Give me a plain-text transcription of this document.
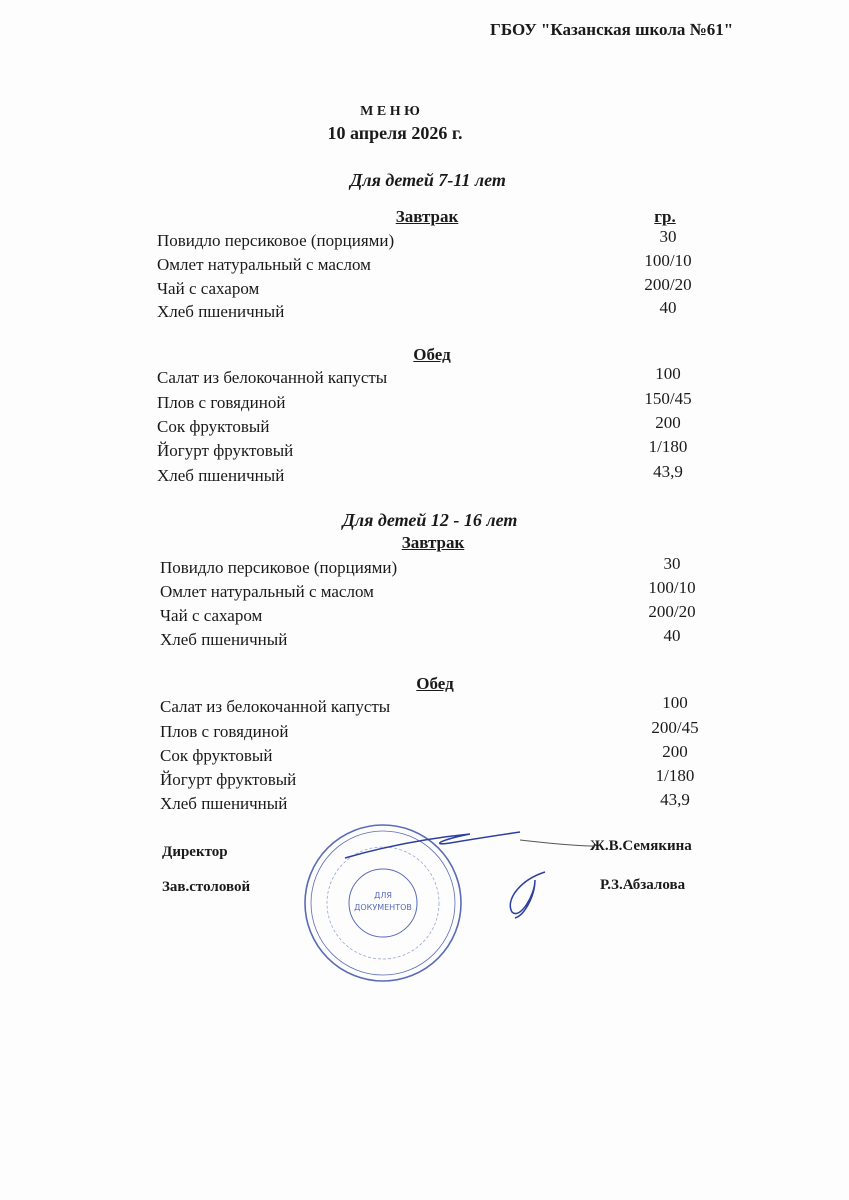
ГБОУ "Казанская школа №61"
М Е Н Ю
10 апреля 2026 г.
Для детей 7-11 лет
Завтрак	гр.
Повидло персиковое (порциями)	30
Омлет натуральный с маслом	100/10
Чай с сахаром	200/20
Хлеб пшеничный	40
Обед
Салат из белокочанной капусты	100
Плов с говядиной	150/45
Сок фруктовый	200
Йогурт фруктовый	1/180
Хлеб пшеничный	43,9
Для детей 12 - 16 лет
Завтрак
Повидло персиковое (порциями)	30
Омлет натуральный с маслом	100/10
Чай с сахаром	200/20
Хлеб пшеничный	40
Обед
Салат из белокочанной капусты	100
Плов с говядиной	200/45
Сок фруктовый	200
Йогурт фруктовый	1/180
Хлеб пшеничный	43,9
Директор	Ж.В.Семякина
Зав.столовой	Р.З.Абзалова
ДЛЯ
ДОКУМЕНТОВ
